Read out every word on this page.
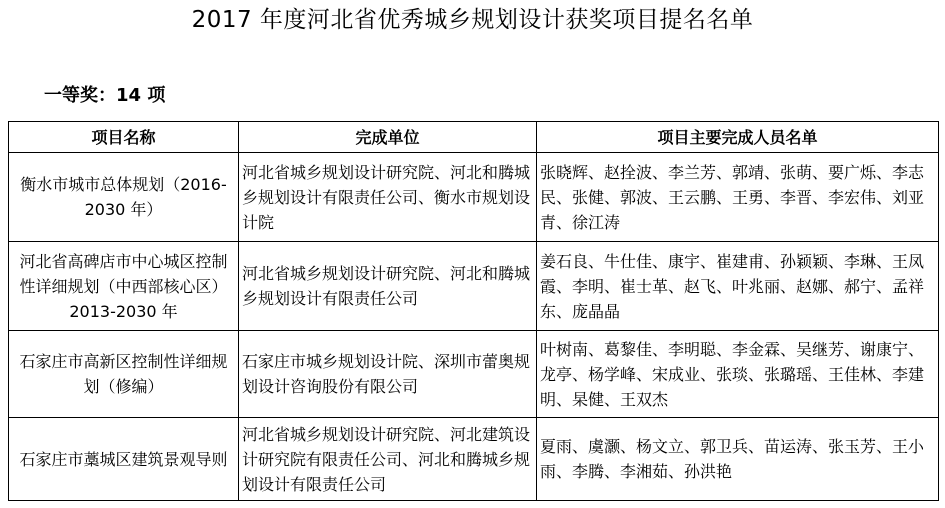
2017 年度河北省优秀城乡规划设计获奖项目提名名单
一等奖：14 项
项目名称	完成单位	项目主要完成人员名单
衡水市城市总体规划（2016-2030 年）	河北省城乡规划设计研究院、河北和腾城乡规划设计有限责任公司、衡水市规划设计院	张晓辉、赵拴波、李兰芳、郭靖、张萌、要广烁、李志民、张健、郭波、王云鹏、王勇、李晋、李宏伟、刘亚青、徐江涛
河北省高碑店市中心城区控制性详细规划（中西部核心区）2013-2030 年	河北省城乡规划设计研究院、河北和腾城乡规划设计有限责任公司	姜石良、牛仕佳、康宇、崔建甫、孙颖颖、李琳、王凤霞、李明、崔士革、赵飞、叶兆丽、赵娜、郝宁、孟祥东、庞晶晶
石家庄市高新区控制性详细规划（修编）	石家庄市城乡规划设计院、深圳市蕾奥规划设计咨询股份有限公司	叶树南、葛黎佳、李明聪、李金霖、吴继芳、谢康宁、龙亭、杨学峰、宋成业、张琰、张璐瑶、王佳林、李建明、杲健、王双杰
石家庄市藁城区建筑景观导则	河北省城乡规划设计研究院、河北建筑设计研究院有限责任公司、河北和腾城乡规划设计有限责任公司	夏雨、虞灏、杨文立、郭卫兵、苗运涛、张玉芳、王小雨、李腾、李湘茹、孙洪艳
